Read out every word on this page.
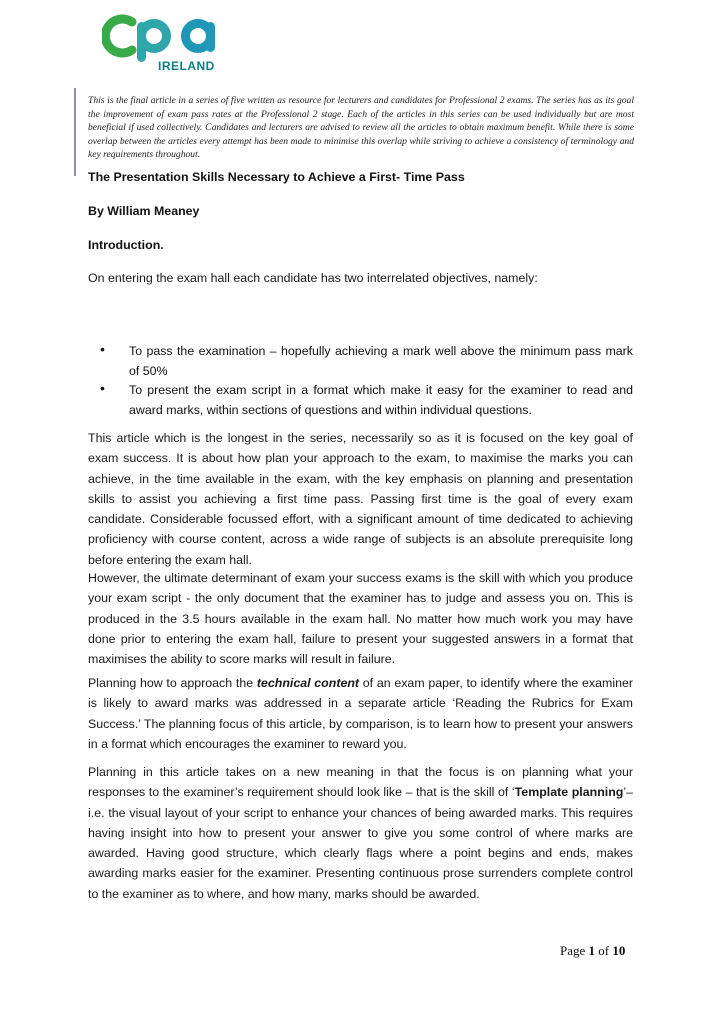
IRELAND
This is the final article in a series of five written as resource for lecturers and candidates for Professional 2 exams. The series has as its goal the improvement of exam pass rates at the Professional 2 stage. Each of the articles in this series can be used individually but are most beneficial if used collectively. Candidates and lecturers are advised to review all the articles to obtain maximum benefit. While there is some overlap between the articles every attempt has been made to minimise this overlap while striving to achieve a consistency of terminology and key requirements throughout.
The Presentation Skills Necessary to Achieve a First- Time Pass
By William Meaney
Introduction.
On entering the exam hall each candidate has two interrelated objectives, namely:
• To pass the examination – hopefully achieving a mark well above the minimum pass mark of 50%
• To present the exam script in a format which make it easy for the examiner to read and award marks, within sections of questions and within individual questions.
This article which is the longest in the series, necessarily so as it is focused on the key goal of exam success. It is about how plan your approach to the exam, to maximise the marks you can achieve, in the time available in the exam, with the key emphasis on planning and presentation skills to assist you achieving a first time pass. Passing first time is the goal of every exam candidate. Considerable focussed effort, with a significant amount of time dedicated to achieving proficiency with course content, across a wide range of subjects is an absolute prerequisite long before entering the exam hall.
However, the ultimate determinant of exam your success exams is the skill with which you produce your exam script - the only document that the examiner has to judge and assess you on. This is produced in the 3.5 hours available in the exam hall. No matter how much work you may have done prior to entering the exam hall, failure to present your suggested answers in a format that maximises the ability to score marks will result in failure.
Planning how to approach the technical content of an exam paper, to identify where the examiner is likely to award marks was addressed in a separate article ‘Reading the Rubrics for Exam Success.’ The planning focus of this article, by comparison, is to learn how to present your answers in a format which encourages the examiner to reward you.
Planning in this article takes on a new meaning in that the focus is on planning what your responses to the examiner’s requirement should look like – that is the skill of ‘Template planning’– i.e. the visual layout of your script to enhance your chances of being awarded marks. This requires having insight into how to present your answer to give you some control of where marks are awarded. Having good structure, which clearly flags where a point begins and ends, makes awarding marks easier for the examiner. Presenting continuous prose surrenders complete control to the examiner as to where, and how many, marks should be awarded.
Page 1 of 10
